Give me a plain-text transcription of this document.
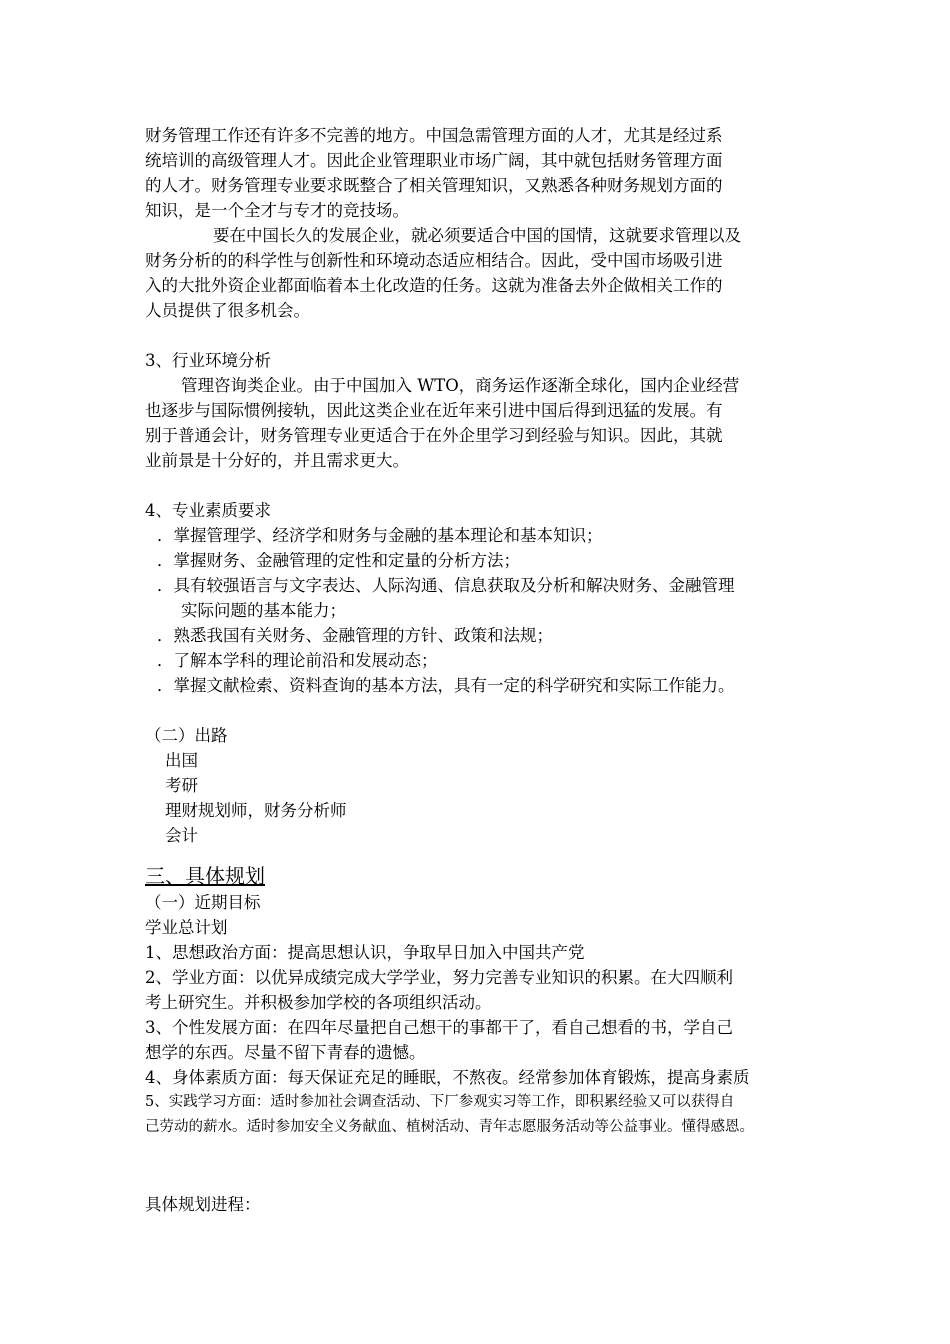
财务管理工作还有许多不完善的地方。中国急需管理方面的人才，尤其是经过系
统培训的高级管理人才。因此企业管理职业市场广阔，其中就包括财务管理方面
的人才。财务管理专业要求既整合了相关管理知识，又熟悉各种财务规划方面的
知识，是一个全才与专才的竞技场。
要在中国长久的发展企业，就必须要适合中国的国情，这就要求管理以及
财务分析的的科学性与创新性和环境动态适应相结合。因此，受中国市场吸引进
入的大批外资企业都面临着本土化改造的任务。这就为准备去外企做相关工作的
人员提供了很多机会。
3、行业环境分析
管理咨询类企业。由于中国加入 WTO，商务运作逐渐全球化，国内企业经营
也逐步与国际惯例接轨，因此这类企业在近年来引进中国后得到迅猛的发展。有
别于普通会计，财务管理专业更适合于在外企里学习到经验与知识。因此，其就
业前景是十分好的，并且需求更大。
4、专业素质要求
．掌握管理学、经济学和财务与金融的基本理论和基本知识；
．掌握财务、金融管理的定性和定量的分析方法；
．具有较强语言与文字表达、人际沟通、信息获取及分析和解决财务、金融管理
实际问题的基本能力；
．熟悉我国有关财务、金融管理的方针、政策和法规；
．了解本学科的理论前沿和发展动态；
．掌握文献检索、资料查询的基本方法，具有一定的科学研究和实际工作能力。
（二）出路
出国
考研
理财规划师，财务分析师
会计
三、具体规划
（一）近期目标
学业总计划
1、思想政治方面：提高思想认识，争取早日加入中国共产党
2、学业方面：以优异成绩完成大学学业，努力完善专业知识的积累。在大四顺利
考上研究生。并积极参加学校的各项组织活动。
3、个性发展方面：在四年尽量把自己想干的事都干了，看自己想看的书，学自己
想学的东西。尽量不留下青春的遗憾。
4、身体素质方面：每天保证充足的睡眠，不熬夜。经常参加体育锻炼，提高身素质
5、实践学习方面：适时参加社会调查活动、下厂参观实习等工作，即积累经验又可以获得自
己劳动的薪水。适时参加安全义务献血、植树活动、青年志愿服务活动等公益事业。懂得感恩。
具体规划进程：
